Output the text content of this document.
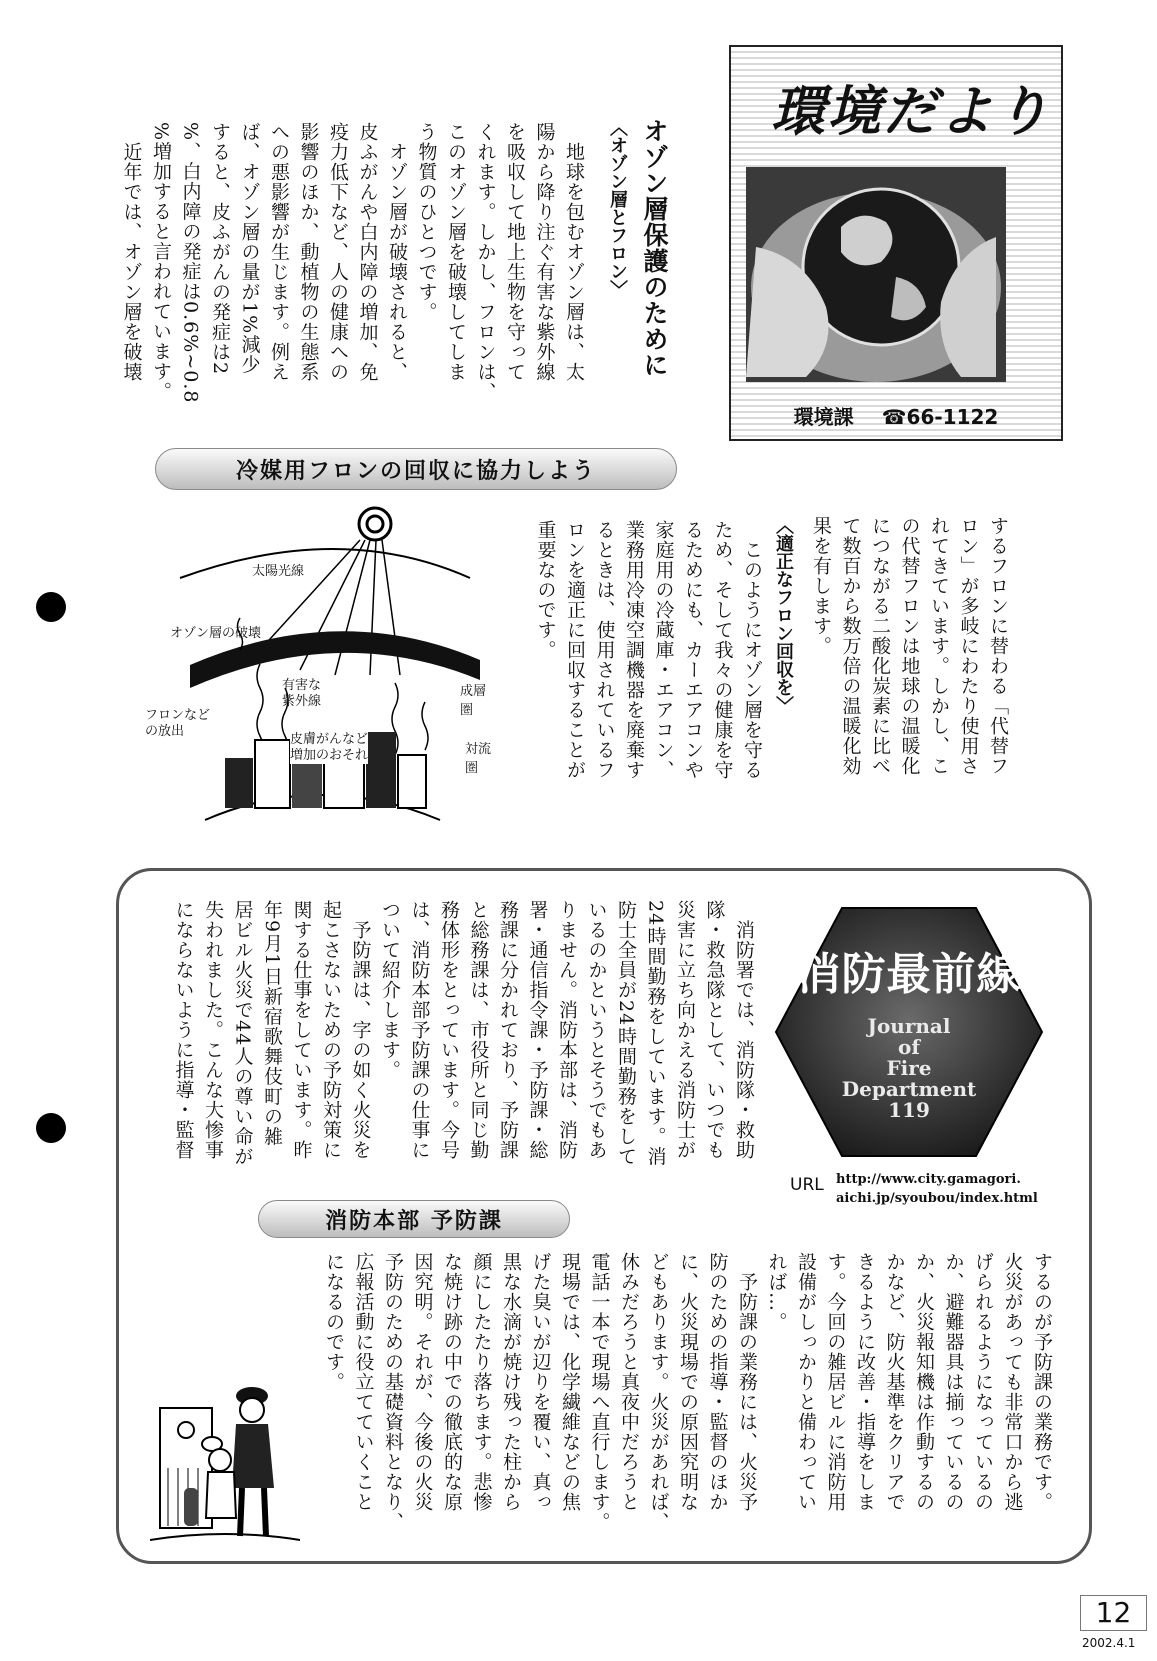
環境だより
環境課 ☎66-1122
オゾン層保護のために
〈オゾン層とフロン〉
　地球を包むオゾン層は、太
陽から降り注ぐ有害な紫外線
を吸収して地上生物を守って
くれます。しかし、フロンは、
このオゾン層を破壊してしま
う物質のひとつです。
　オゾン層が破壊されると、
皮ふがんや白内障の増加、免
疫力低下など、人の健康への
影響のほか、動植物の生態系
への悪影響が生じます。例え
ば、オゾン層の量が1%減少
すると、皮ふがんの発症は2
%、白内障の発症は0.6%~0.8
%増加すると言われています。
　近年では、オゾン層を破壊
冷媒用フロンの回収に協力しよう
するフロンに替わる「代替フ
ロン」が多岐にわたり使用さ
れてきています。しかし、こ
の代替フロンは地球の温暖化
につながる二酸化炭素に比べ
て数百から数万倍の温暖化効
果を有します。
〈適正なフロン回収を〉
　このようにオゾン層を守る
ため、そして我々の健康を守
るためにも、カーエアコンや
家庭用の冷蔵庫・エアコン、
業務用冷凍空調機器を廃棄す
るときは、使用されているフ
ロンを適正に回収することが
重要なのです。
太陽光線
オゾン層の破壊
有害な
紫外線
成層圏
フロンなど
の放出
皮膚がんなど
増加のおそれ	対流圏
消防最前線
Journal
of
Fire
Department
119
URL http://www.city.gamagori.
aichi.jp/syoubou/index.html
　消防署では、消防隊・救助
隊・救急隊として、いつでも
災害に立ち向かえる消防士が
24時間勤務をしています。消
防士全員が24時間勤務をして
いるのかというとそうでもあ
りません。消防本部は、消防
署・通信指令課・予防課・総
務課に分かれており、予防課
と総務課は、市役所と同じ勤
務体形をとっています。今号
は、消防本部予防課の仕事に
ついて紹介します。
　予防課は、字の如く火災を
起こさないための予防対策に
関する仕事をしています。昨
年9月1日新宿歌舞伎町の雑
居ビル火災で44人の尊い命が
失われました。こんな大惨事
にならないように指導・監督
消防本部 予防課
するのが予防課の業務です。
火災があっても非常口から逃
げられるようになっているの
か、避難器具は揃っているの
か、火災報知機は作動するの
かなど、防火基準をクリアで
きるように改善・指導をしま
す。今回の雑居ビルに消防用
設備がしっかりと備わってい
れば…。
　予防課の業務には、火災予
防のための指導・監督のほか
に、火災現場での原因究明な
どもあります。火災があれば、
休みだろうと真夜中だろうと
電話一本で現場へ直行します。
現場では、化学繊維などの焦
げた臭いが辺りを覆い、真っ
黒な水滴が焼け残った柱から
顔にしたたり落ちます。悲惨
な焼け跡の中での徹底的な原
因究明。それが、今後の火災
予防のための基礎資料となり、
広報活動に役立てていくこと
になるのです。
12
2002.4.1
